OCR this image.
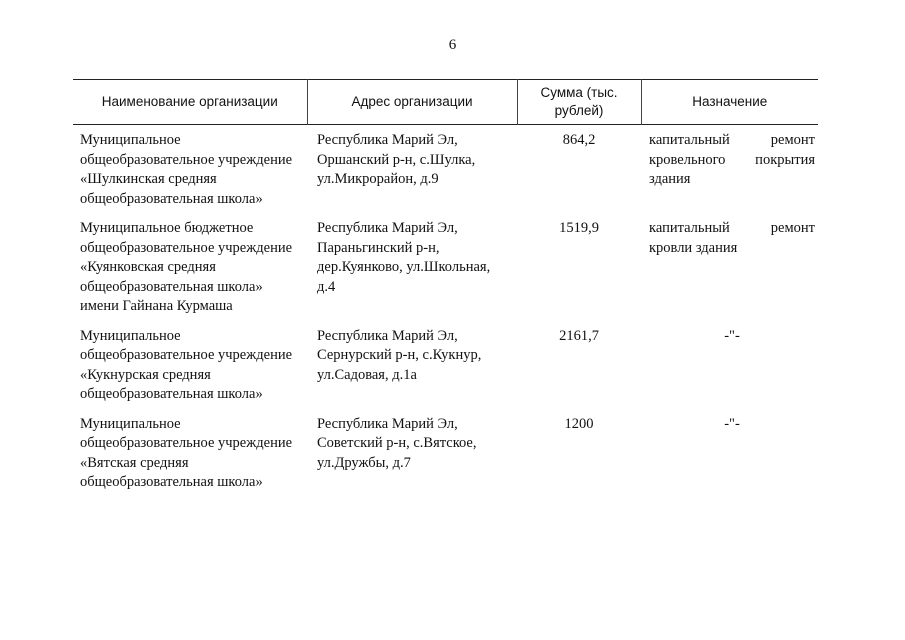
6
Наименование организации	Адрес организации	Сумма (тыс. рублей)	Назначение
Муниципальное общеобразовательное учреждение «Шулкинская средняя общеобразовательная школа»	Республика Марий Эл, Оршанский р-н, с.Шулка, ул.Микрорайон, д.9	864,2	капитальный ремонт кровельного покрытия здания
Муниципальное бюджетное общеобразовательное учреждение «Куянковская средняя общеобразовательная школа» имени Гайнана Курмаша	Республика Марий Эл, Параньгинский р-н, дер.Куянково, ул.Школьная, д.4	1519,9	капитальный ремонт кровли здания
Муниципальное общеобразовательное учреждение «Кукнурская средняя общеобразовательная школа»	Республика Марий Эл, Сернурский р-н, с.Кукнур, ул.Садовая, д.1а	2161,7	-"-
Муниципальное общеобразовательное учреждение «Вятская средняя общеобразовательная школа»	Республика Марий Эл, Советский р-н, с.Вятское, ул.Дружбы, д.7	1200	-"-
